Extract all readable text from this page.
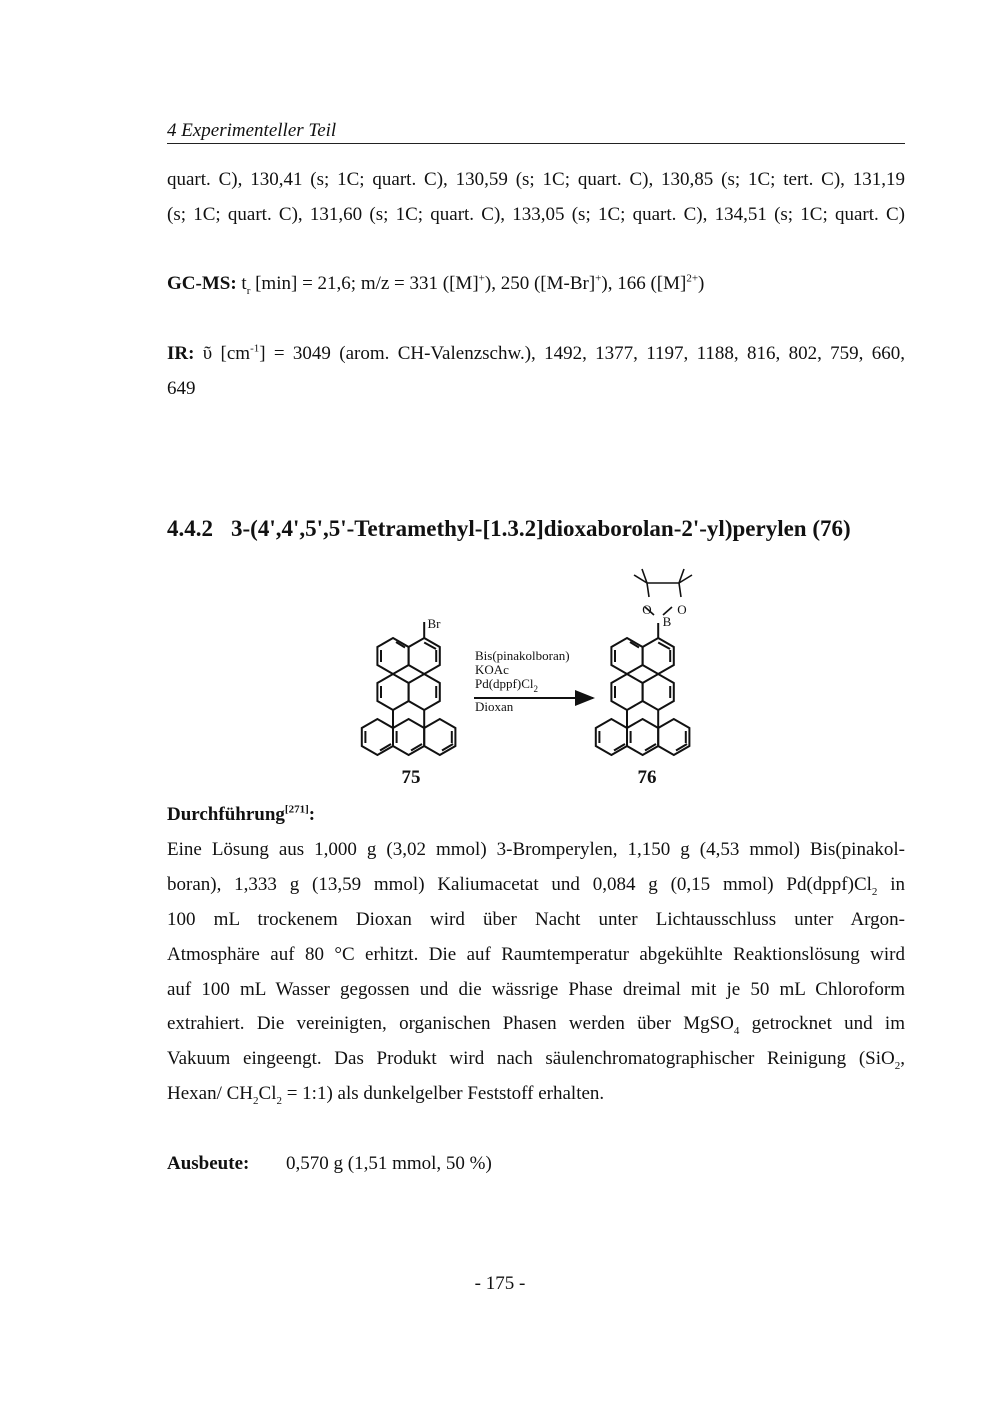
4 Experimenteller Teil
quart. C), 130,41 (s; 1C; quart. C), 130,59 (s; 1C; quart. C), 130,85 (s; 1C; tert. C), 131,19
(s; 1C; quart. C), 131,60 (s; 1C; quart. C), 133,05 (s; 1C; quart. C), 134,51 (s; 1C; quart. C)
GC-MS: $t_r$ [min] = 21,6; m/z = 331 ([M]+), 250 ([M-Br]+), 166 $([M]^{2+})$
IR: ῦ $[cm^{-1}] = 3049$ (arom. CH-Valenzschw.), 1492, 1377, 1197, 1188, 816, 802, 759, 660,
649
4.4.2 3-(4',4',5',5'-Tetramethyl-[1.3.2]dioxaborolan-2'-yl)perylen (76)
Br
Bis(pinakolboran)
KOAc
$Pd(dppf)Cl_2$
Dioxan
O O
B
75	76
Durchführung[271]:
Eine Lösung aus 1,000 g (3,02 mmol) 3-Bromperylen, 1,150 g (4,53 mmol) Bis(pinakol-
boran), 1,333 g (13,59 mmol) Kaliumacetat und 0,084 g (0,15 mmol) $Pd(dppf)Cl_2$ in
100 mL trockenem Dioxan wird über Nacht unter Lichtausschluss unter Argon-
Atmosphäre auf 80 °C erhitzt. Die auf Raumtemperatur abgekühlte Reaktionslösung wird
auf 100 mL Wasser gegossen und die wässrige Phase dreimal mit je 50 mL Chloroform
extrahiert. Die vereinigten, organischen Phasen werden über MgSO$_4$ getrocknet und im
Vakuum eingeengt. Das Produkt wird nach säulenchromatographischer Reinigung (SiO$_2$,
Hexan/ $CH_2Cl_2$ = 1:1) als dunkelgelber Feststoff erhalten.
Ausbeute: 0,570 g (1,51 mmol, 50 %)
- 175 -
